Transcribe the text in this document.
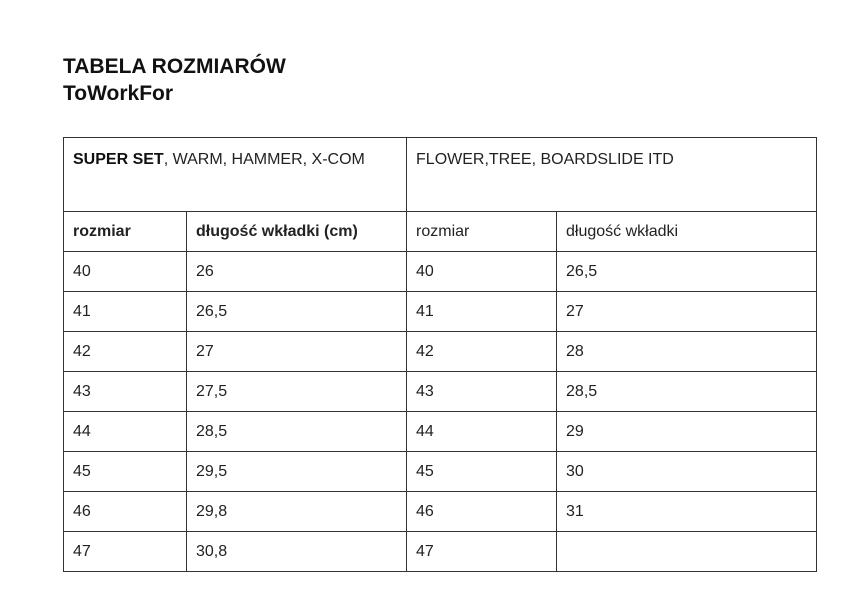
TABELA ROZMIARÓW
ToWorkFor
SUPER SET, WARM, HAMMER, X-COM		FLOWER,TREE, BOARDSLIDE ITD	
rozmiar	długość wkładki (cm)	rozmiar	długość wkładki
40	26	40	26,5
41	26,5	41	27
42	27	42	28
43	27,5	43	28,5
44	28,5	44	29
45	29,5	45	30
46	29,8	46	31
47	30,8	47	
